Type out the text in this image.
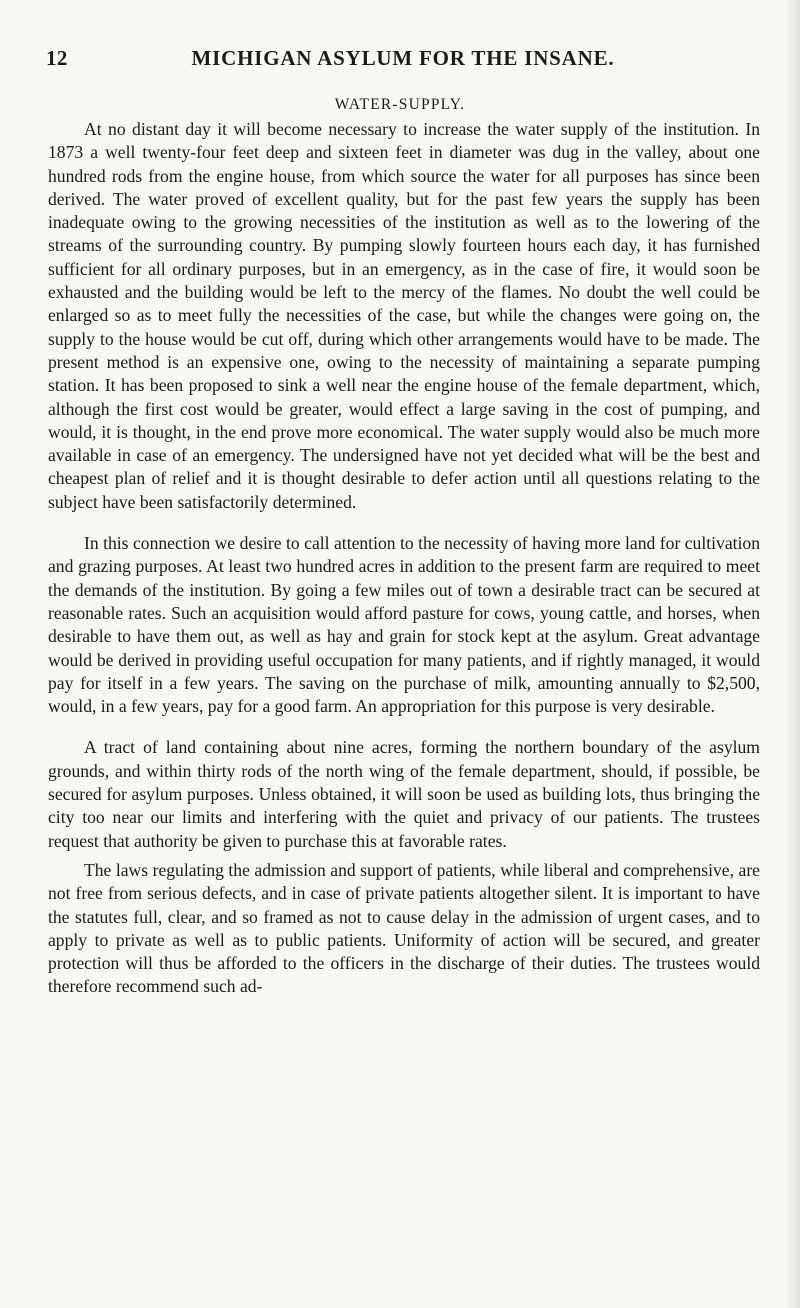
12	MICHIGAN ASYLUM FOR THE INSANE.
WATER-SUPPLY.

At no distant day it will become necessary to increase the water supply of the institution. In 1873 a well twenty-four feet deep and sixteen feet in diameter was dug in the valley, about one hundred rods from the engine house, from which source the water for all purposes has since been derived. The water proved of excellent quality, but for the past few years the supply has been inadequate owing to the growing necessities of the institution as well as to the lowering of the streams of the surrounding country. By pumping slowly fourteen hours each day, it has furnished sufficient for all ordinary purposes, but in an emergency, as in the case of fire, it would soon be exhausted and the building would be left to the mercy of the flames. No doubt the well could be enlarged so as to meet fully the necessities of the case, but while the changes were going on, the supply to the house would be cut off, during which other arrangements would have to be made. The present method is an expensive one, owing to the necessity of maintaining a separate pumping station. It has been proposed to sink a well near the engine house of the female department, which, although the first cost would be greater, would effect a large saving in the cost of pumping, and would, it is thought, in the end prove more economical. The water supply would also be much more available in case of an emergency. The undersigned have not yet decided what will be the best and cheapest plan of relief and it is thought desirable to defer action until all questions relating to the subject have been satisfactorily determined.

In this connection we desire to call attention to the necessity of having more land for cultivation and grazing purposes. At least two hundred acres in addition to the present farm are required to meet the demands of the institution. By going a few miles out of town a desirable tract can be secured at reasonable rates. Such an acquisition would afford pasture for cows, young cattle, and horses, when desirable to have them out, as well as hay and grain for stock kept at the asylum. Great advantage would be derived in providing useful occupation for many patients, and if rightly managed, it would pay for itself in a few years. The saving on the purchase of milk, amounting annually to $2,500, would, in a few years, pay for a good farm. An appropriation for this purpose is very desirable.

A tract of land containing about nine acres, forming the northern boundary of the asylum grounds, and within thirty rods of the north wing of the female department, should, if possible, be secured for asylum purposes. Unless obtained, it will soon be used as building lots, thus bringing the city too near our limits and interfering with the quiet and privacy of our patients. The trustees request that authority be given to purchase this at favorable rates.

The laws regulating the admission and support of patients, while liberal and comprehensive, are not free from serious defects, and in case of private patients altogether silent. It is important to have the statutes full, clear, and so framed as not to cause delay in the admission of urgent cases, and to apply to private as well as to public patients. Uniformity of action will be secured, and greater protection will thus be afforded to the officers in the discharge of their duties. The trustees would therefore recommend such ad-
